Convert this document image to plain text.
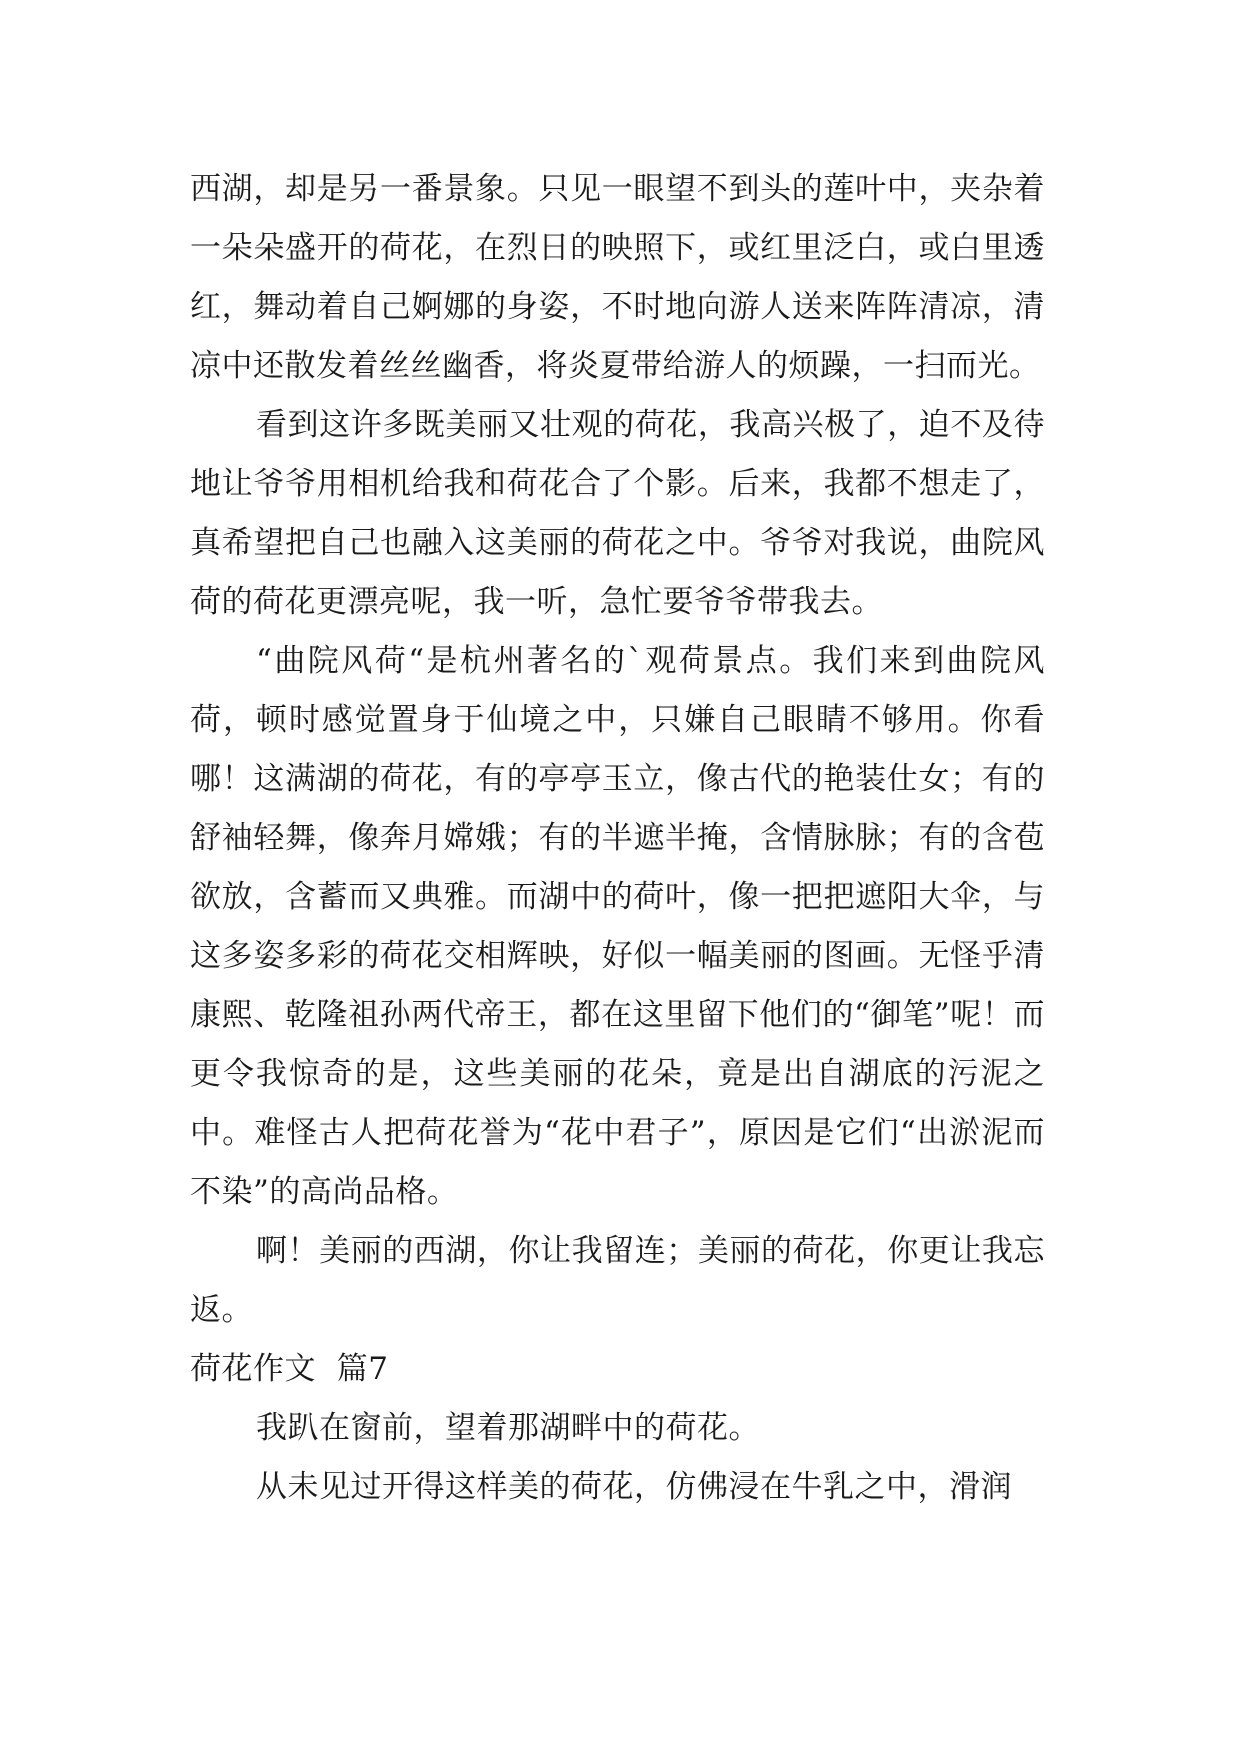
西湖，却是另一番景象。只见一眼望不到头的莲叶中，夹杂着一朵朵盛开的荷花，在烈日的映照下，或红里泛白，或白里透红，舞动着自己婀娜的身姿，不时地向游人送来阵阵清凉，清凉中还散发着丝丝幽香，将炎夏带给游人的烦躁，一扫而光。

看到这许多既美丽又壮观的荷花，我高兴极了，迫不及待地让爷爷用相机给我和荷花合了个影。后来，我都不想走了，真希望把自己也融入这美丽的荷花之中。爷爷对我说，曲院风荷的荷花更漂亮呢，我一听，急忙要爷爷带我去。

“曲院风荷“是杭州著名的`观荷景点。我们来到曲院风荷，顿时感觉置身于仙境之中，只嫌自己眼睛不够用。你看哪！这满湖的荷花，有的亭亭玉立，像古代的艳装仕女；有的舒袖轻舞，像奔月嫦娥；有的半遮半掩，含情脉脉；有的含苞欲放，含蓄而又典雅。而湖中的荷叶，像一把把遮阳大伞，与这多姿多彩的荷花交相辉映，好似一幅美丽的图画。无怪乎清康熙、乾隆祖孙两代帝王，都在这里留下他们的“御笔”呢！而更令我惊奇的是，这些美丽的花朵，竟是出自湖底的污泥之中。难怪古人把荷花誉为“花中君子”，原因是它们“出淤泥而不染”的高尚品格。

啊！美丽的西湖，你让我留连；美丽的荷花，你更让我忘返。

荷花作文  篇7

我趴在窗前，望着那湖畔中的荷花。

从未见过开得这样美的荷花，仿佛浸在牛乳之中，滑润
